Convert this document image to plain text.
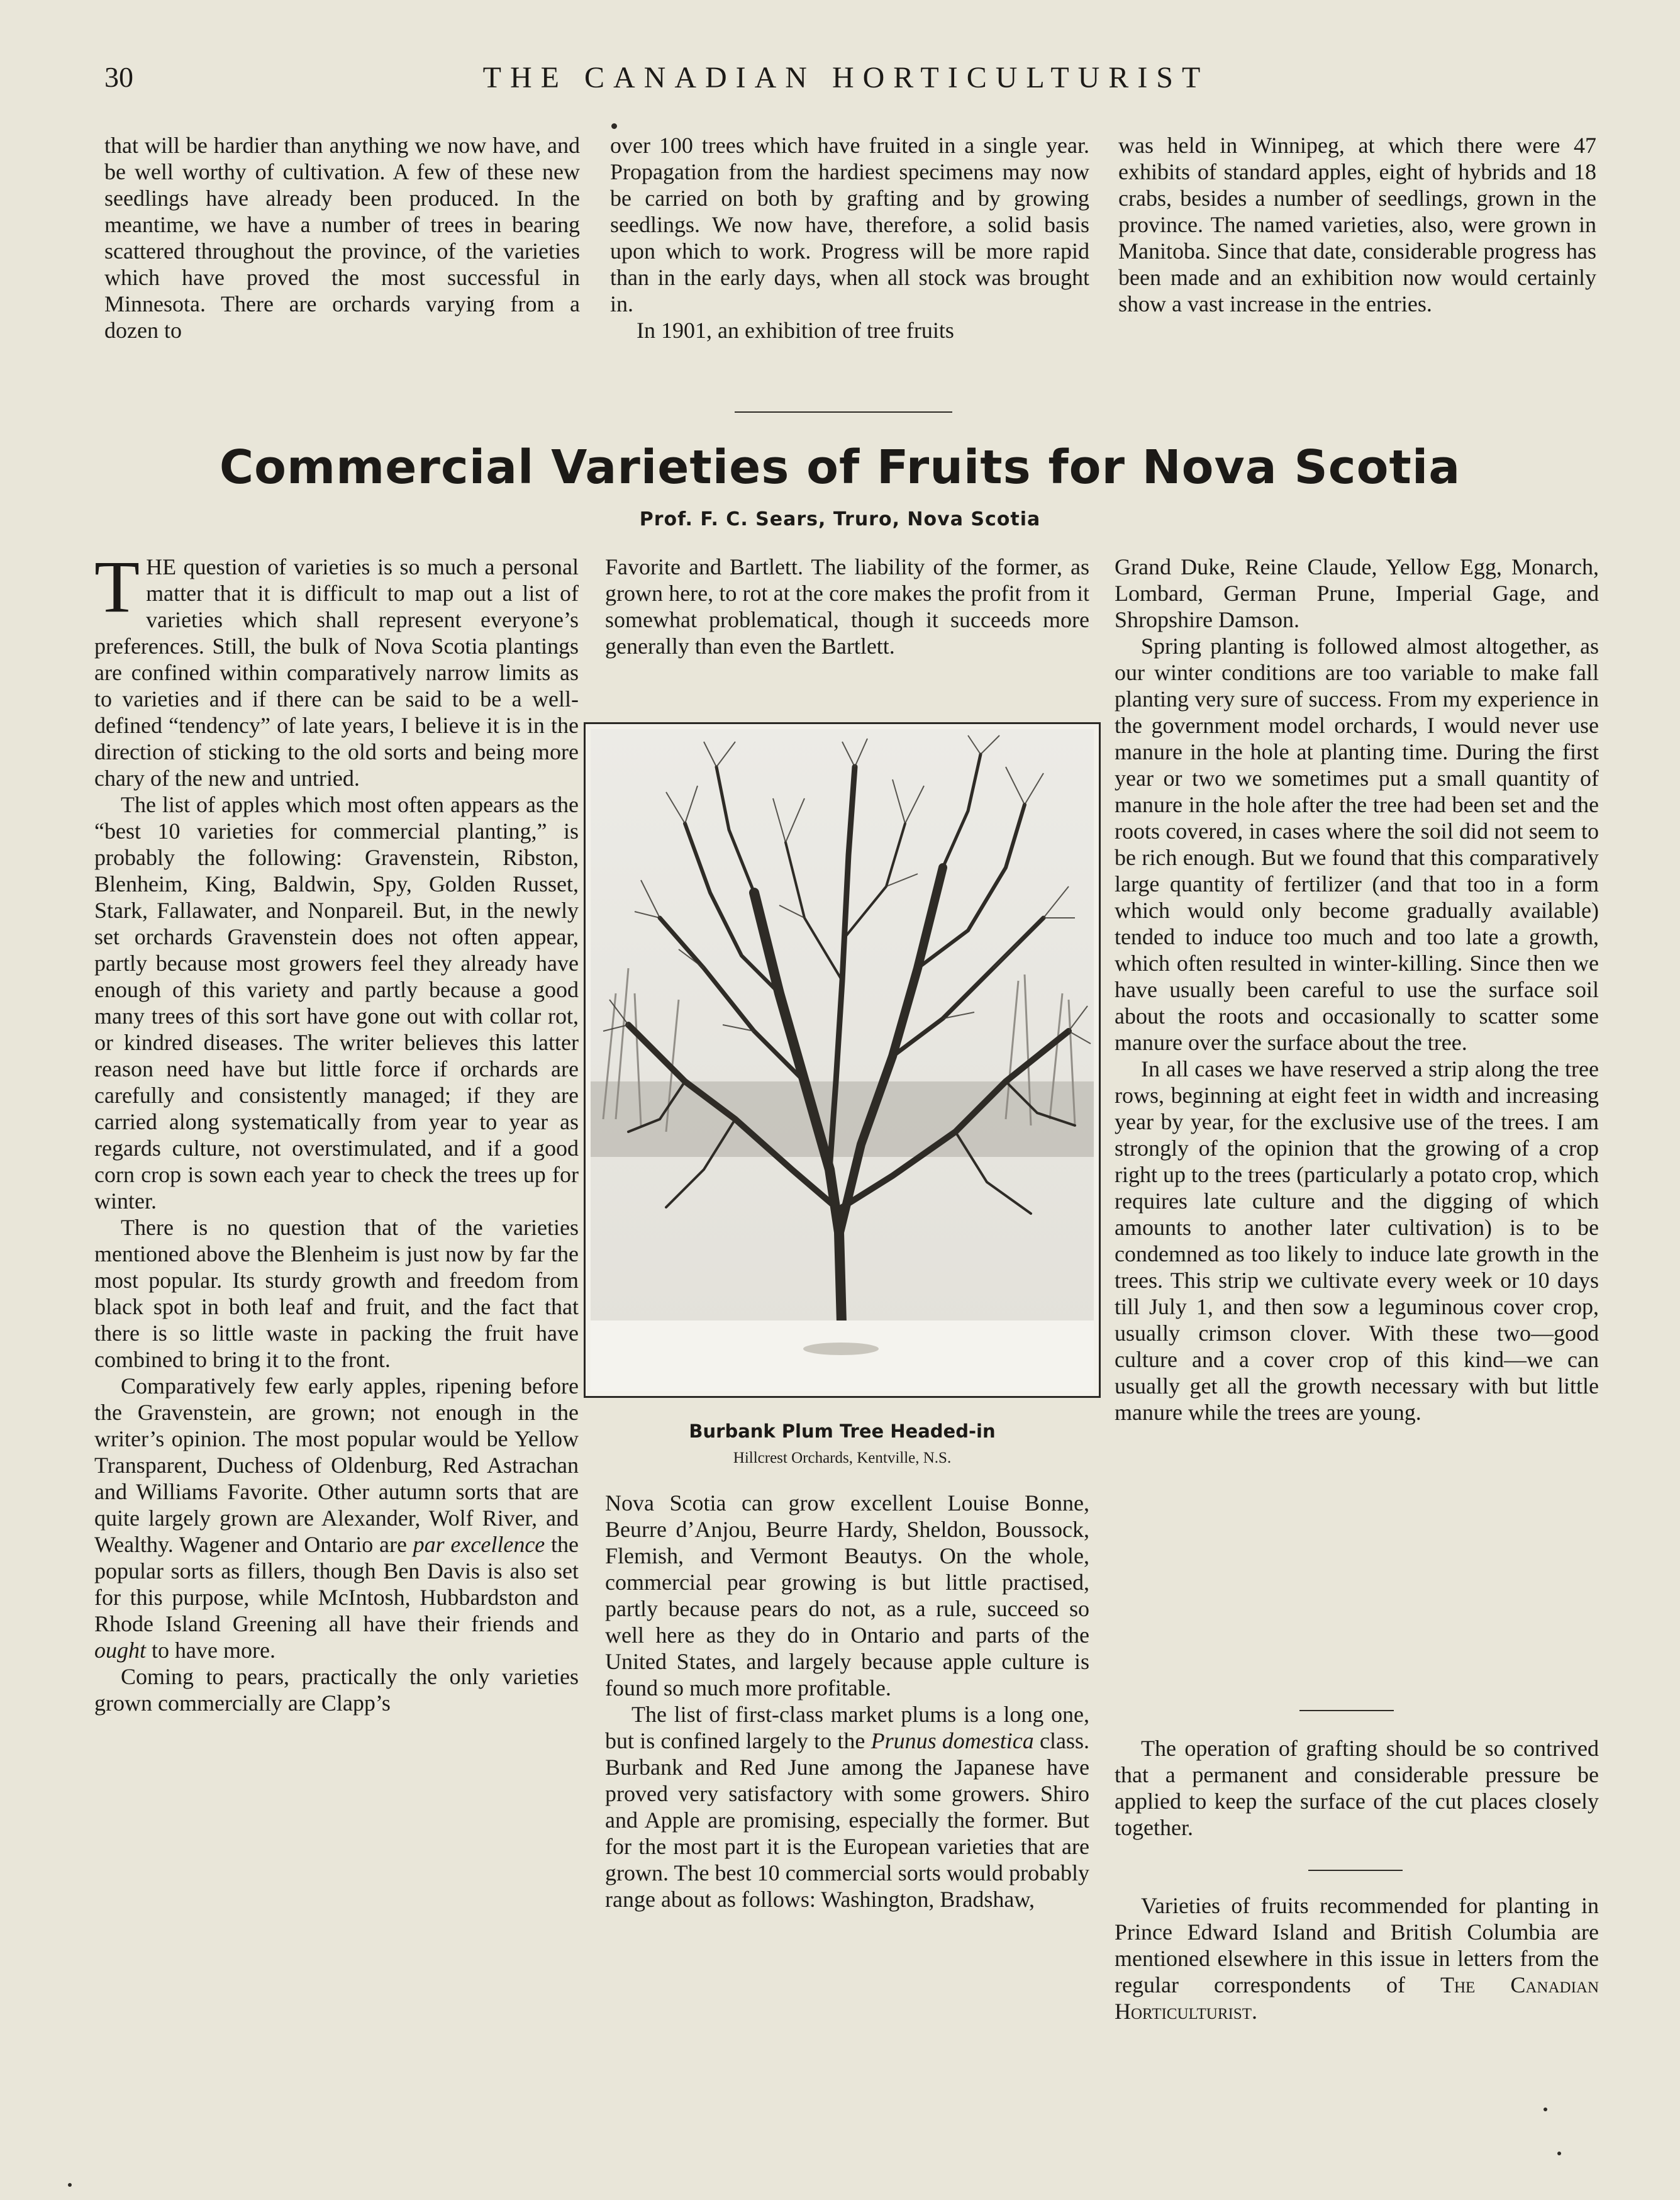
30	THE CANADIAN HORTICULTURIST

that will be hardier than anything we now have, and be well worthy of cultivation. A few of these new seedlings have already been produced. In the meantime, we have a number of trees in bearing scattered throughout the province, of the varieties which have proved the most successful in Minnesota. There are orchards varying from a dozen to

over 100 trees which have fruited in a single year. Propagation from the hardiest specimens may now be carried on both by grafting and by growing seedlings. We now have, therefore, a solid basis upon which to work. Progress will be more rapid than in the early days, when all stock was brought in.

In 1901, an exhibition of tree fruits

was held in Winnipeg, at which there were 47 exhibits of standard apples, eight of hybrids and 18 crabs, besides a number of seedlings, grown in the province. The named varieties, also, were grown in Manitoba. Since that date, considerable progress has been made and an exhibition now would certainly show a vast increase in the entries.

Commercial Varieties of Fruits for Nova Scotia
Prof. F. C. Sears, Truro, Nova Scotia

THE question of varieties is so much a personal matter that it is difficult to map out a list of varieties which shall represent everyone’s preferences. Still, the bulk of Nova Scotia plantings are confined within comparatively narrow limits as to varieties and if there can be said to be a well-defined “tendency” of late years, I believe it is in the direction of sticking to the old sorts and being more chary of the new and untried.

The list of apples which most often appears as the “best 10 varieties for commercial planting,” is probably the following: Gravenstein, Ribston, Blenheim, King, Baldwin, Spy, Golden Russet, Stark, Fallawater, and Nonpareil. But, in the newly set orchards Gravenstein does not often appear, partly because most growers feel they already have enough of this variety and partly because a good many trees of this sort have gone out with collar rot, or kindred diseases. The writer believes this latter reason need have but little force if orchards are carefully and consistently managed; if they are carried along systematically from year to year as regards culture, not overstimulated, and if a good corn crop is sown each year to check the trees up for winter.

There is no question that of the varieties mentioned above the Blenheim is just now by far the most popular. Its sturdy growth and freedom from black spot in both leaf and fruit, and the fact that there is so little waste in packing the fruit have combined to bring it to the front.

Comparatively few early apples, ripening before the Gravenstein, are grown; not enough in the writer’s opinion. The most popular would be Yellow Transparent, Duchess of Oldenburg, Red Astrachan and Williams Favorite. Other autumn sorts that are quite largely grown are Alexander, Wolf River, and Wealthy. Wagener and Ontario are par excellence the popular sorts as fillers, though Ben Davis is also set for this purpose, while McIntosh, Hubbardston and Rhode Island Greening all have their friends and ought to have more.

Coming to pears, practically the only varieties grown commercially are Clapp’s

Favorite and Bartlett. The liability of the former, as grown here, to rot at the core makes the profit from it somewhat problematical, though it succeeds more generally than even the Bartlett.

Burbank Plum Tree Headed-in
Hillcrest Orchards, Kentville, N.S.

Nova Scotia can grow excellent Louise Bonne, Beurre d’Anjou, Beurre Hardy, Sheldon, Boussock, Flemish, and Vermont Beautys. On the whole, commercial pear growing is but little practised, partly because pears do not, as a rule, succeed so well here as they do in Ontario and parts of the United States, and largely because apple culture is found so much more profitable.

The list of first-class market plums is a long one, but is confined largely to the Prunus domestica class. Burbank and Red June among the Japanese have proved very satisfactory with some growers. Shiro and Apple are promising, especially the former. But for the most part it is the European varieties that are grown. The best 10 commercial sorts would probably range about as follows: Washington, Bradshaw,

Grand Duke, Reine Claude, Yellow Egg, Monarch, Lombard, German Prune, Imperial Gage, and Shropshire Damson.

Spring planting is followed almost altogether, as our winter conditions are too variable to make fall planting very sure of success. From my experience in the government model orchards, I would never use manure in the hole at planting time. During the first year or two we sometimes put a small quantity of manure in the hole after the tree had been set and the roots covered, in cases where the soil did not seem to be rich enough. But we found that this comparatively large quantity of fertilizer (and that too in a form which would only become gradually available) tended to induce too much and too late a growth, which often resulted in winter-killing. Since then we have usually been careful to use the surface soil about the roots and occasionally to scatter some manure over the surface about the tree.

In all cases we have reserved a strip along the tree rows, beginning at eight feet in width and increasing year by year, for the exclusive use of the trees. I am strongly of the opinion that the growing of a crop right up to the trees (particularly a potato crop, which requires late culture and the digging of which amounts to another later cultivation) is to be condemned as too likely to induce late growth in the trees. This strip we cultivate every week or 10 days till July 1, and then sow a leguminous cover crop, usually crimson clover. With these two—good culture and a cover crop of this kind—we can usually get all the growth necessary with but little manure while the trees are young.

The operation of grafting should be so contrived that a permanent and considerable pressure be applied to keep the surface of the cut places closely together.

Varieties of fruits recommended for planting in Prince Edward Island and British Columbia are mentioned elsewhere in this issue in letters from the regular correspondents of The Canadian Horticulturist.
